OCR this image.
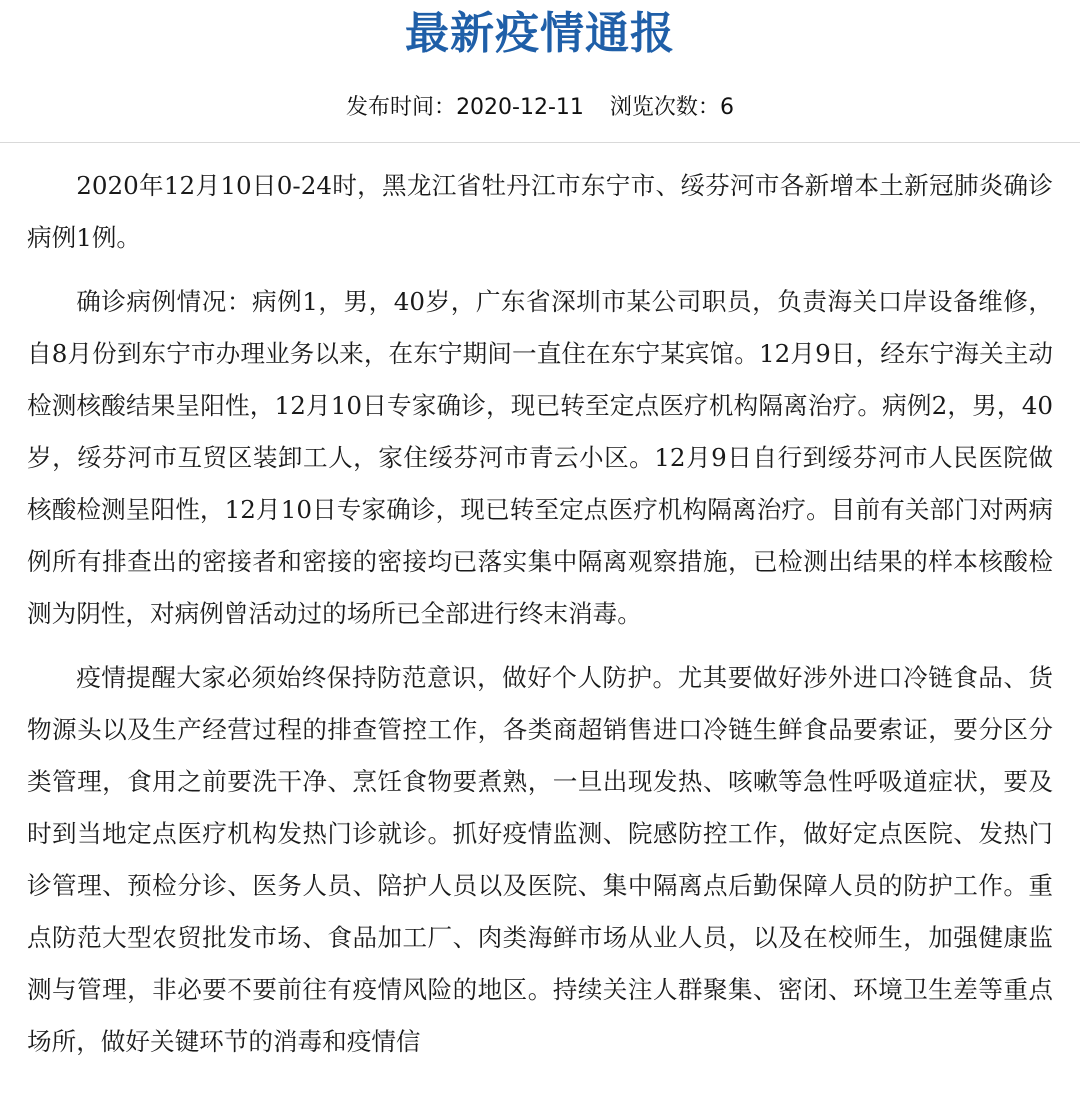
最新疫情通报
发布时间：2020-12-11 浏览次数：6

2020年12月10日0-24时，黑龙江省牡丹江市东宁市、绥芬河市各新增本土新冠肺炎确诊病例1例。

确诊病例情况：病例1，男，40岁，广东省深圳市某公司职员，负责海关口岸设备维修，自8月份到东宁市办理业务以来，在东宁期间一直住在东宁某宾馆。12月9日，经东宁海关主动检测核酸结果呈阳性，12月10日专家确诊，现已转至定点医疗机构隔离治疗。病例2，男，40岁，绥芬河市互贸区装卸工人，家住绥芬河市青云小区。12月9日自行到绥芬河市人民医院做核酸检测呈阳性，12月10日专家确诊，现已转至定点医疗机构隔离治疗。目前有关部门对两病例所有排查出的密接者和密接的密接均已落实集中隔离观察措施，已检测出结果的样本核酸检测为阴性，对病例曾活动过的场所已全部进行终末消毒。

疫情提醒大家必须始终保持防范意识，做好个人防护。尤其要做好涉外进口冷链食品、货物源头以及生产经营过程的排查管控工作，各类商超销售进口冷链生鲜食品要索证，要分区分类管理，食用之前要洗干净、烹饪食物要煮熟，一旦出现发热、咳嗽等急性呼吸道症状，要及时到当地定点医疗机构发热门诊就诊。抓好疫情监测、院感防控工作，做好定点医院、发热门诊管理、预检分诊、医务人员、陪护人员以及医院、集中隔离点后勤保障人员的防护工作。重点防范大型农贸批发市场、食品加工厂、肉类海鲜市场从业人员，以及在校师生，加强健康监测与管理，非必要不要前往有疫情风险的地区。持续关注人群聚集、密闭、环境卫生差等重点场所，做好关键环节的消毒和疫情信
